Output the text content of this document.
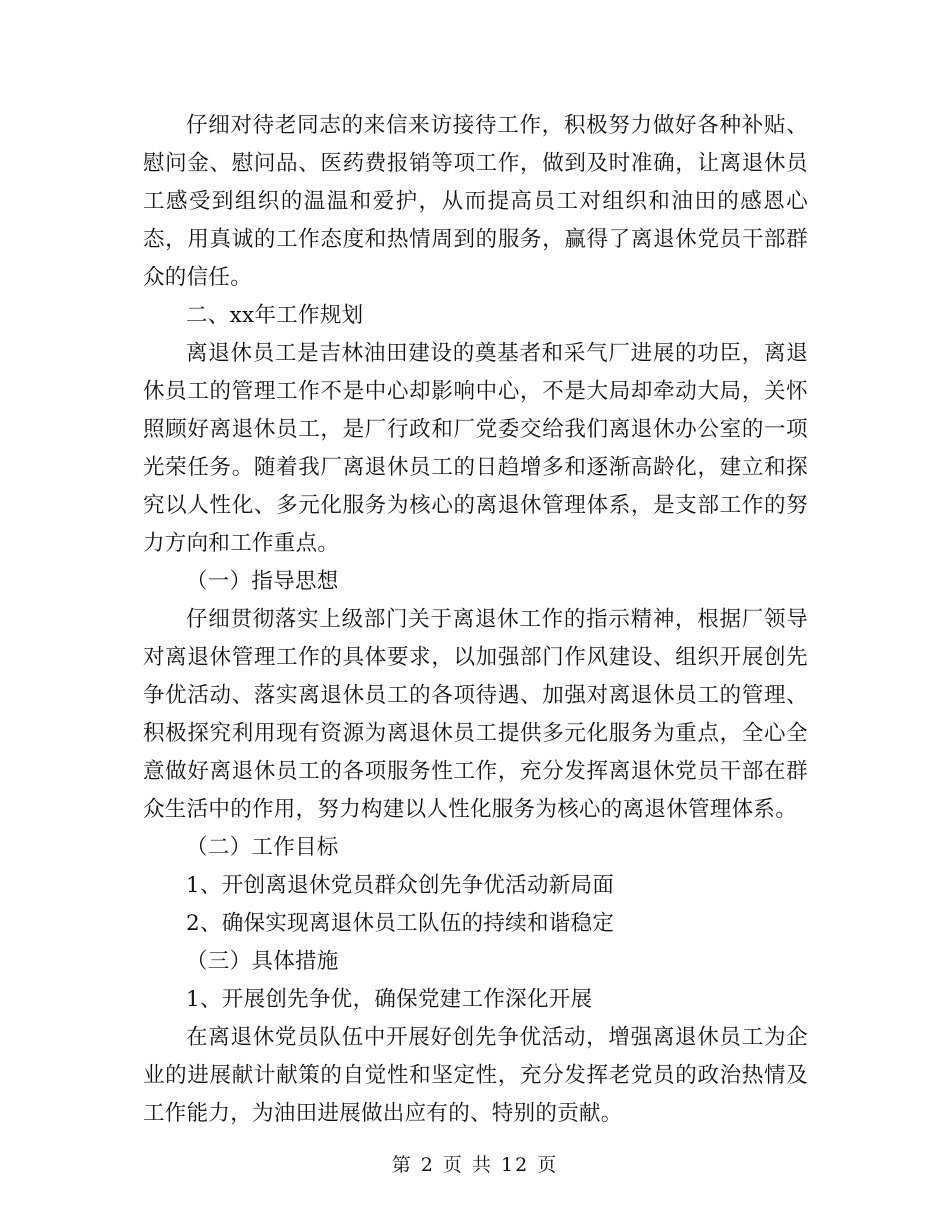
仔细对待老同志的来信来访接待工作，积极努力做好各种补贴、慰问金、慰问品、医药费报销等项工作，做到及时准确，让离退休员工感受到组织的温温和爱护，从而提高员工对组织和油田的感恩心态，用真诚的工作态度和热情周到的服务，赢得了离退休党员干部群众的信任。

二、xx年工作规划

离退休员工是吉林油田建设的奠基者和采气厂进展的功臣，离退休员工的管理工作不是中心却影响中心，不是大局却牵动大局，关怀照顾好离退休员工，是厂行政和厂党委交给我们离退休办公室的一项光荣任务。随着我厂离退休员工的日趋增多和逐渐高龄化，建立和探究以人性化、多元化服务为核心的离退休管理体系，是支部工作的努力方向和工作重点。

（一）指导思想

仔细贯彻落实上级部门关于离退休工作的指示精神，根据厂领导对离退休管理工作的具体要求，以加强部门作风建设、组织开展创先争优活动、落实离退休员工的各项待遇、加强对离退休员工的管理、积极探究利用现有资源为离退休员工提供多元化服务为重点，全心全意做好离退休员工的各项服务性工作，充分发挥离退休党员干部在群众生活中的作用，努力构建以人性化服务为核心的离退休管理体系。

（二）工作目标

1、开创离退休党员群众创先争优活动新局面

2、确保实现离退休员工队伍的持续和谐稳定

（三）具体措施

1、开展创先争优，确保党建工作深化开展

在离退休党员队伍中开展好创先争优活动，增强离退休员工为企业的进展献计献策的自觉性和坚定性，充分发挥老党员的政治热情及工作能力，为油田进展做出应有的、特别的贡献。

第 2 页 共 12 页
